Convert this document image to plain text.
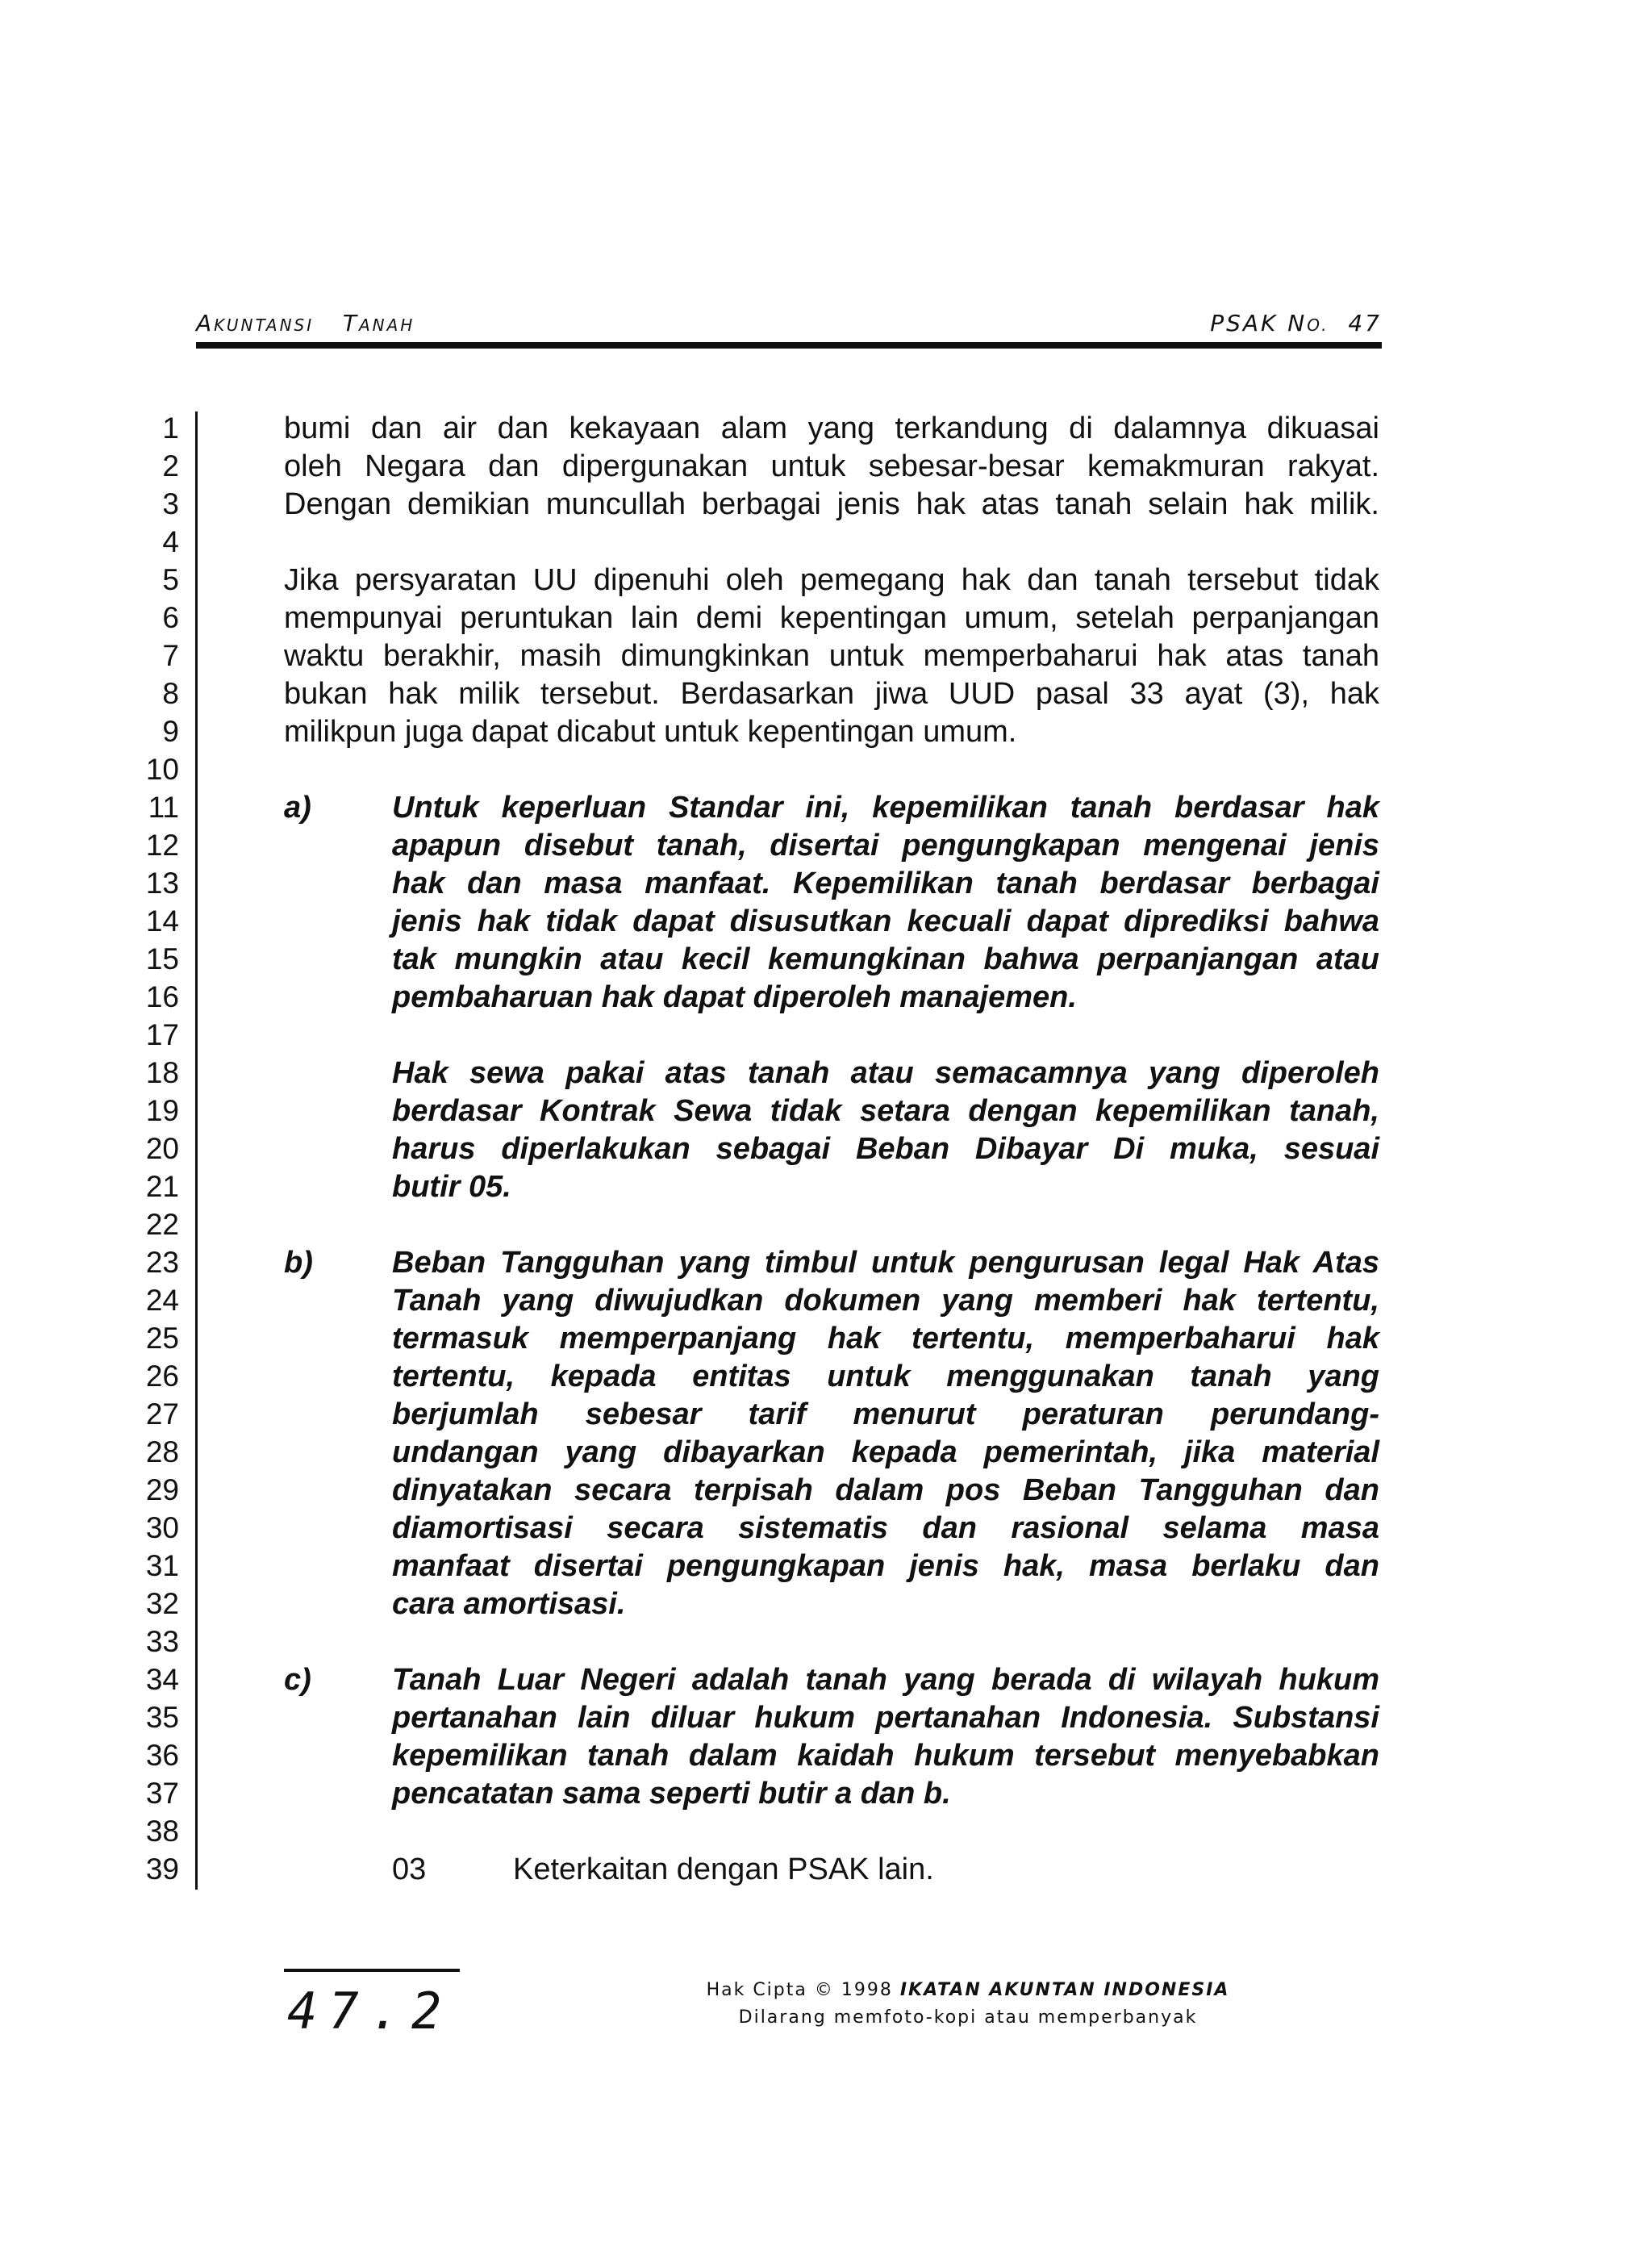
AKUNTANSI TANAH	PSAK NO. 47
1
2
3
4
5
6
7
8
9
10
11
12
13
14
15
16
17
18
19
20
21
22
23
24
25
26
27
28
29
30
31
32
33
34
35
36
37
38
39
bumi dan air dan kekayaan alam yang terkandung di dalamnya dikuasai
oleh Negara dan dipergunakan untuk sebesar-besar kemakmuran rakyat.
Dengan demikian muncullah berbagai jenis hak atas tanah selain hak milik.
Jika persyaratan UU dipenuhi oleh pemegang hak dan tanah tersebut tidak
mempunyai peruntukan lain demi kepentingan umum, setelah perpanjangan
waktu berakhir, masih dimungkinkan untuk memperbaharui hak atas tanah
bukan hak milik tersebut. Berdasarkan jiwa UUD pasal 33 ayat (3), hak
milikpun juga dapat dicabut untuk kepentingan umum.
a)	Untuk keperluan Standar ini, kepemilikan tanah berdasar hak
apapun disebut tanah, disertai pengungkapan mengenai jenis
hak dan masa manfaat. Kepemilikan tanah berdasar berbagai
jenis hak tidak dapat disusutkan kecuali dapat diprediksi bahwa
tak mungkin atau kecil kemungkinan bahwa perpanjangan atau
pembaharuan hak dapat diperoleh manajemen.
Hak sewa pakai atas tanah atau semacamnya yang diperoleh
berdasar Kontrak Sewa tidak setara dengan kepemilikan tanah,
harus diperlakukan sebagai Beban Dibayar Di muka, sesuai
butir 05.
b)	Beban Tangguhan yang timbul untuk pengurusan legal Hak Atas
Tanah yang diwujudkan dokumen yang memberi hak tertentu,
termasuk memperpanjang hak tertentu, memperbaharui hak
tertentu, kepada entitas untuk menggunakan tanah yang
berjumlah sebesar tarif menurut peraturan perundang-
undangan yang dibayarkan kepada pemerintah, jika material
dinyatakan secara terpisah dalam pos Beban Tangguhan dan
diamortisasi secara sistematis dan rasional selama masa
manfaat disertai pengungkapan jenis hak, masa berlaku dan
cara amortisasi.
c)	Tanah Luar Negeri adalah tanah yang berada di wilayah hukum
pertanahan lain diluar hukum pertanahan Indonesia. Substansi
kepemilikan tanah dalam kaidah hukum tersebut menyebabkan
pencatatan sama seperti butir a dan b.
03	Keterkaitan dengan PSAK lain.
47.2	Hak Cipta © 1998 IKATAN AKUNTAN INDONESIA
Dilarang memfoto-kopi atau memperbanyak
